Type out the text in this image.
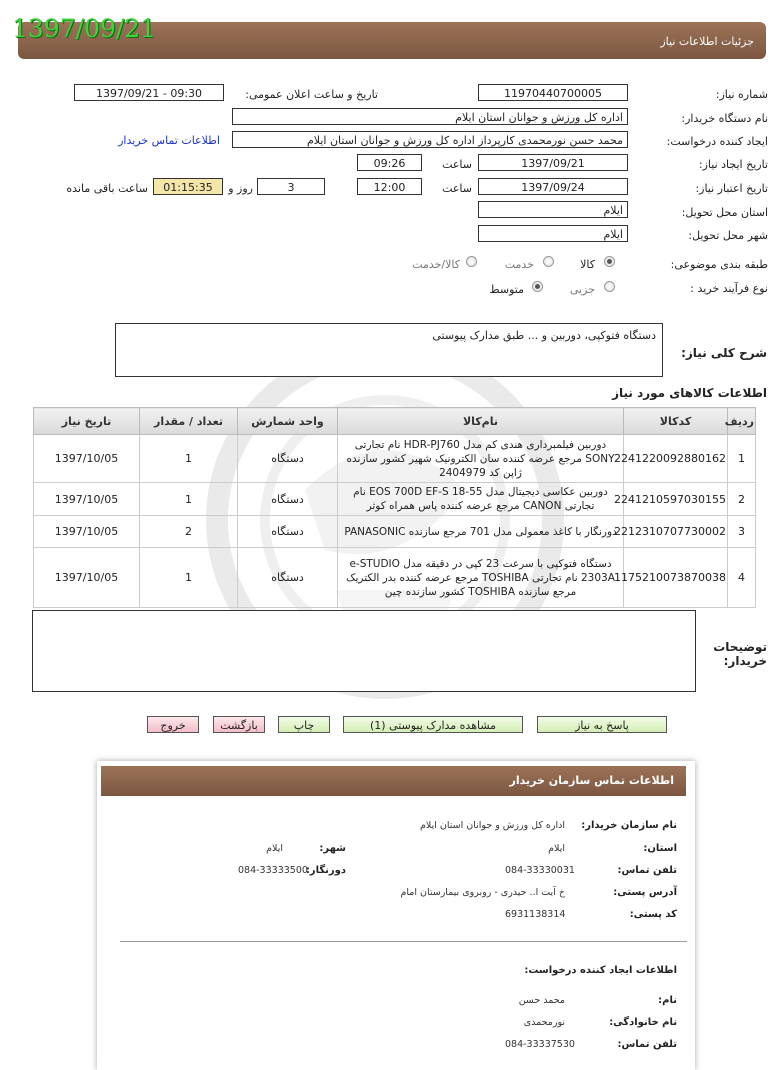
1397/09/21	جزئیات اطلاعات نیاز
شماره نیاز:
1197044070000​5
تاریخ و ساعت اعلان عمومی:
1397/09/21 - 09:30
نام دستگاه خریدار:
اداره کل ورزش و جوانان استان ایلام
ایجاد کننده درخواست:
محمد حسن نورمحمدی کارپرداز اداره کل ورزش و جوانان استان ایلام
اطلاعات تماس خریدار
تاریخ ایجاد نیاز:
1397/09/21
ساعت
09:26
تاریخ اعتبار نیاز:
1397/09/24
ساعت
12:00
3
روز و
01:15:35
ساعت باقی مانده
استان محل تحویل:
ایلام
شهر محل تحویل:
ایلام
طبقه بندی موضوعی:
کالا
خدمت
کالا/خدمت
نوع فرآیند خرید :
جزیی
متوسط
شرح کلی نیاز:
دستگاه فتوکپی، دوربین و ... طبق مدارک پیوستی
اطلاعات کالاهای مورد نیاز
ردیف	کدکالا	نام‌کالا	واحد شمارش	تعداد / مقدار	تاریخ نیاز
1	2241220092880162	دوربین فیلمبرداری هندی کم مدل HDR-PJ760 نام تجارتی SONY مرجع عرضه کننده سان الکترونیک شهیر کشور سازنده ژاپن کد 2404979	دستگاه	1	1397/10/05
2	2241210597030155	دوربین عکاسی دیجیتال مدل EOS 700D EF-S 18-55 نام تجارتی CANON مرجع عرضه کننده پاس همراه کوثر	دستگاه	1	1397/10/05
3	2212310707730002	دورنگار با کاغذ معمولی مدل 701 مرجع سازنده PANASONIC	دستگاه	2	1397/10/05
4	1175210073870038	دستگاه فتوکپی با سرعت 23 کپی در دقیقه مدل e-STUDIO 2303A نام تجارتی TOSHIBA مرجع عرضه کننده بدر الکتریک مرجع سازنده TOSHIBA کشور سازنده چین	دستگاه	1	1397/10/05
توضیحات خریدار:
پاسخ به نیاز
مشاهده مدارک پیوستی (1)
چاپ
بازگشت
خروج
اطلاعات تماس سازمان خریدار
نام سازمان خریدار:
اداره کل ورزش و جوانان استان ایلام
استان:
ایلام
شهر:
ایلام
تلفن تماس:
084-33330031
دورنگار:
084-33333500
آدرس پستی:
خ آیت ا.. حیدری - روبروی بیمارستان امام
کد پستی:
6931138314
اطلاعات ایجاد کننده درخواست:
نام:
محمد حسن
نام خانوادگی:
نورمحمدی
تلفن تماس:
084-33337530
